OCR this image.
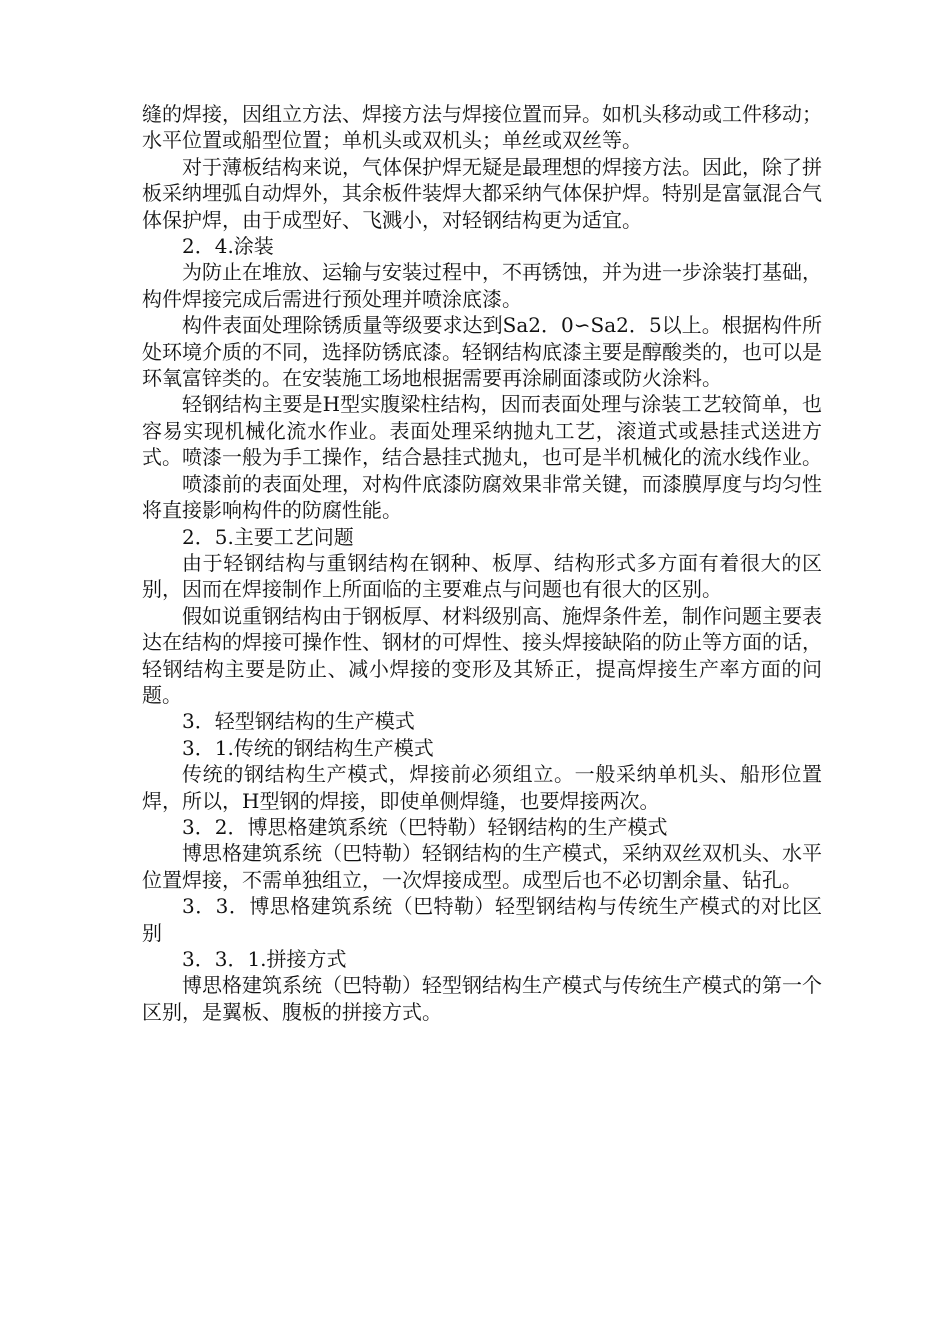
缝的焊接，因组立方法、焊接方法与焊接位置而异。如机头移动或工件移动；水平位置或船型位置；单机头或双机头；单丝或双丝等。

对于薄板结构来说，气体保护焊无疑是最理想的焊接方法。因此，除了拼板采纳埋弧自动焊外，其余板件装焊大都采纳气体保护焊。特别是富氩混合气体保护焊，由于成型好、飞溅小，对轻钢结构更为适宜。

2．4.涂装

为防止在堆放、运输与安装过程中，不再锈蚀，并为进一步涂装打基础，构件焊接完成后需进行预处理并喷涂底漆。

构件表面处理除锈质量等级要求达到Sa2．0∽Sa2．5以上。根据构件所处环境介质的不同，选择防锈底漆。轻钢结构底漆主要是醇酸类的，也可以是环氧富锌类的。在安装施工场地根据需要再涂刷面漆或防火涂料。

轻钢结构主要是H型实腹梁柱结构，因而表面处理与涂装工艺较简单，也容易实现机械化流水作业。表面处理采纳抛丸工艺，滚道式或悬挂式送进方式。喷漆一般为手工操作，结合悬挂式抛丸，也可是半机械化的流水线作业。

喷漆前的表面处理，对构件底漆防腐效果非常关键，而漆膜厚度与均匀性将直接影响构件的防腐性能。

2．5.主要工艺问题

由于轻钢结构与重钢结构在钢种、板厚、结构形式多方面有着很大的区别，因而在焊接制作上所面临的主要难点与问题也有很大的区别。

假如说重钢结构由于钢板厚、材料级别高、施焊条件差，制作问题主要表达在结构的焊接可操作性、钢材的可焊性、接头焊接缺陷的防止等方面的话，轻钢结构主要是防止、减小焊接的变形及其矫正，提高焊接生产率方面的问题。

3．轻型钢结构的生产模式

3．1.传统的钢结构生产模式

传统的钢结构生产模式，焊接前必须组立。一般采纳单机头、船形位置焊，所以，H型钢的焊接，即使单侧焊缝，也要焊接两次。

3．2．博思格建筑系统（巴特勒）轻钢结构的生产模式

博思格建筑系统（巴特勒）轻钢结构的生产模式，采纳双丝双机头、水平位置焊接，不需单独组立，一次焊接成型。成型后也不必切割余量、钻孔。

3．3．博思格建筑系统（巴特勒）轻型钢结构与传统生产模式的对比区别

3．3．1.拼接方式

博思格建筑系统（巴特勒）轻型钢结构生产模式与传统生产模式的第一个区别，是翼板、腹板的拼接方式。
